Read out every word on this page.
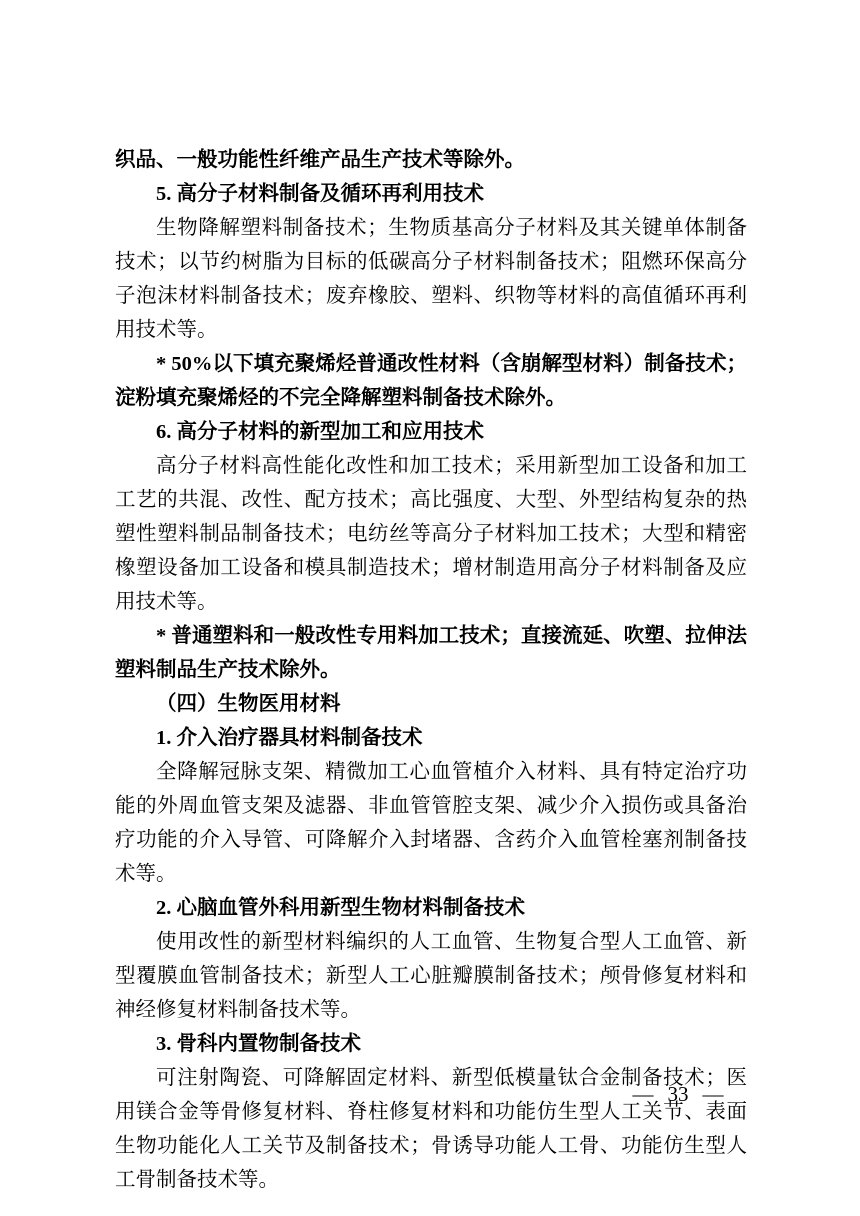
织品、一般功能性纤维产品生产技术等除外。

5. 高分子材料制备及循环再利用技术

生物降解塑料制备技术；生物质基高分子材料及其关键单体制备技术；以节约树脂为目标的低碳高分子材料制备技术；阻燃环保高分子泡沫材料制备技术；废弃橡胶、塑料、织物等材料的高值循环再利用技术等。

* 50%以下填充聚烯烃普通改性材料（含崩解型材料）制备技术；淀粉填充聚烯烃的不完全降解塑料制备技术除外。

6. 高分子材料的新型加工和应用技术

高分子材料高性能化改性和加工技术；采用新型加工设备和加工工艺的共混、改性、配方技术；高比强度、大型、外型结构复杂的热塑性塑料制品制备技术；电纺丝等高分子材料加工技术；大型和精密橡塑设备加工设备和模具制造技术；增材制造用高分子材料制备及应用技术等。

* 普通塑料和一般改性专用料加工技术；直接流延、吹塑、拉伸法塑料制品生产技术除外。

（四）生物医用材料

1. 介入治疗器具材料制备技术

全降解冠脉支架、精微加工心血管植介入材料、具有特定治疗功能的外周血管支架及滤器、非血管管腔支架、减少介入损伤或具备治疗功能的介入导管、可降解介入封堵器、含药介入血管栓塞剂制备技术等。

2. 心脑血管外科用新型生物材料制备技术

使用改性的新型材料编织的人工血管、生物复合型人工血管、新型覆膜血管制备技术；新型人工心脏瓣膜制备技术；颅骨修复材料和神经修复材料制备技术等。

3. 骨科内置物制备技术

可注射陶瓷、可降解固定材料、新型低模量钛合金制备技术；医用镁合金等骨修复材料、脊柱修复材料和功能仿生型人工关节、表面生物功能化人工关节及制备技术；骨诱导功能人工骨、功能仿生型人工骨制备技术等。

— 33 —
